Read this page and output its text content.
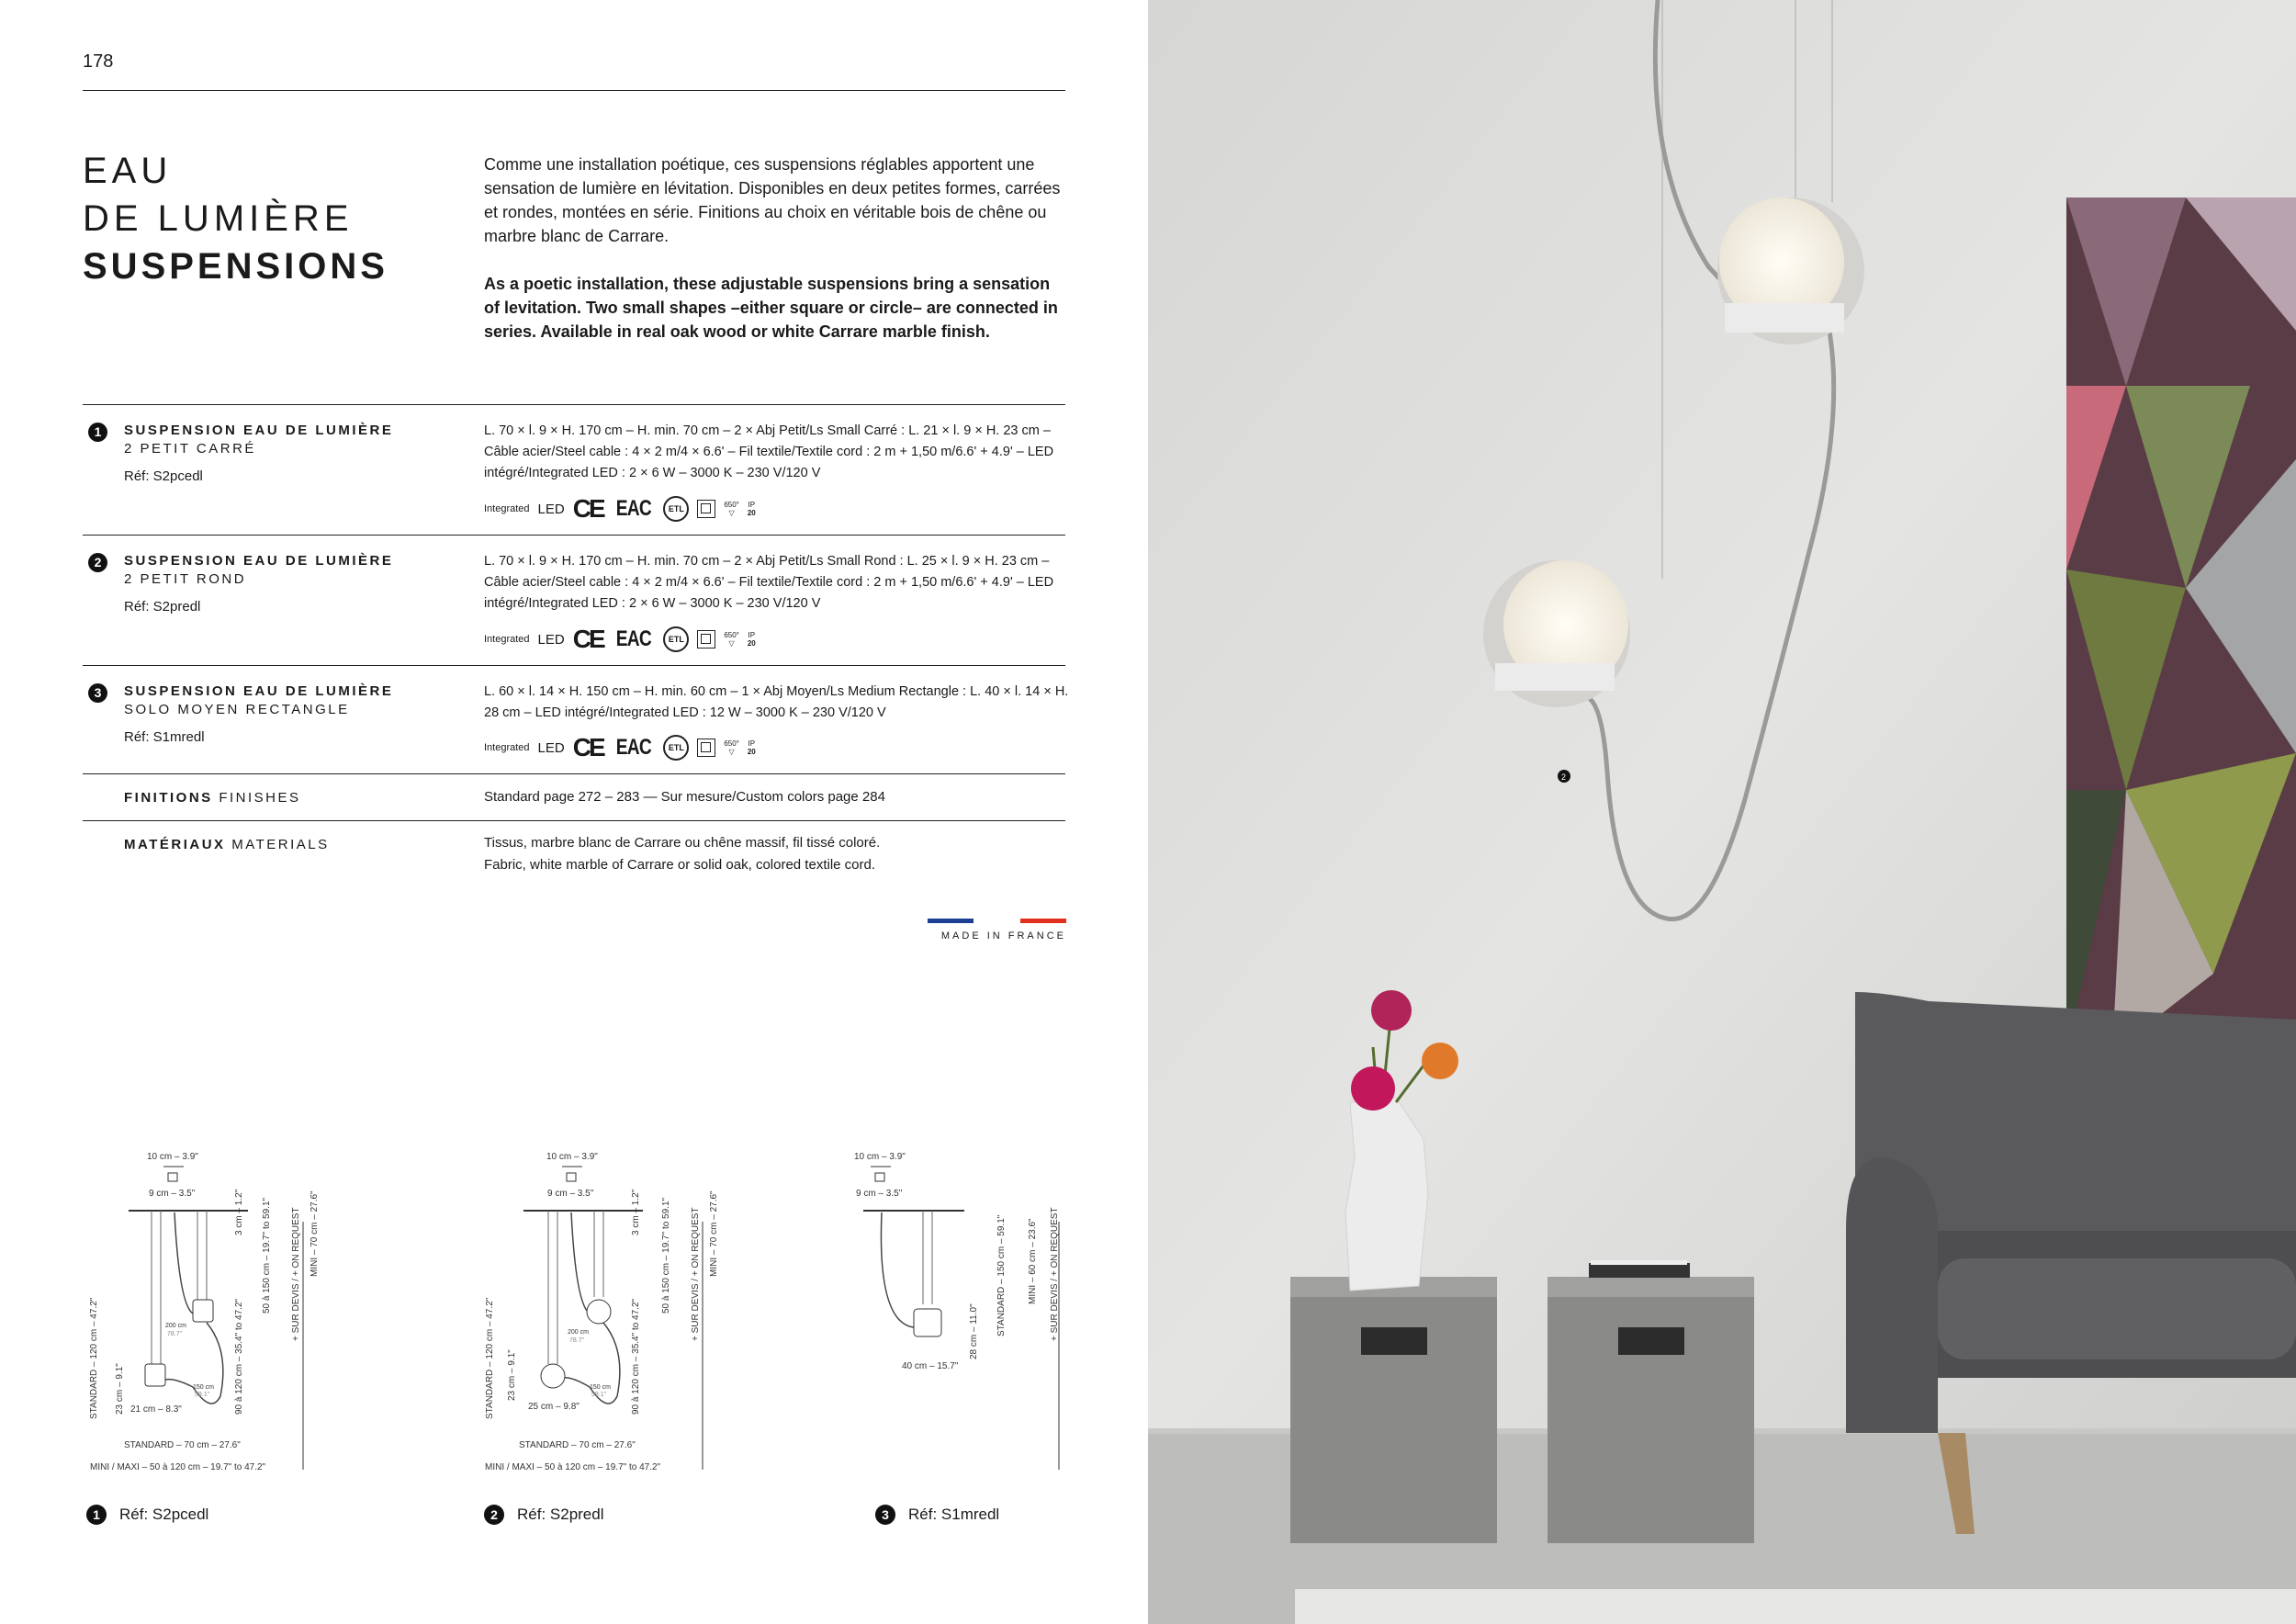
178
EAU
DE LUMIÈRE
SUSPENSIONS

Comme une installation poétique, ces suspensions réglables apportent une sensation de lumière en lévitation. Disponibles en deux petites formes, carrées et rondes, montées en série. Finitions au choix en véritable bois de chêne ou marbre blanc de Carrare.

As a poetic installation, these adjustable suspensions bring a sensation of levitation. Two small shapes –either square or circle– are connected in series. Available in real oak wood or white Carrare marble finish.

1	SUSPENSION EAU DE LUMIÈRE
2 PETIT CARRÉ
Réf: S2pcedl
L. 70 × l. 9 × H. 170 cm – H. min. 70 cm – 2 × Abj Petit/Ls Small Carré : L. 21 × l. 9 × H. 23 cm – Câble acier/Steel cable : 4 × 2 m/4 × 6.6' – Fil textile/Textile cord : 2 m + 1,50 m/6.6' + 4.9' – LED intégré/Integrated LED : 2 × 6 W – 3000 K – 230 V/120 V
Integrated LED CE EAC	ETL	650°
▽
IP
20
2	SUSPENSION EAU DE LUMIÈRE
2 PETIT ROND
Réf: S2predl
L. 70 × l. 9 × H. 170 cm – H. min. 70 cm – 2 × Abj Petit/Ls Small Rond : L. 25 × l. 9 × H. 23 cm – Câble acier/Steel cable : 4 × 2 m/4 × 6.6' – Fil textile/Textile cord : 2 m + 1,50 m/6.6' + 4.9' – LED intégré/Integrated LED : 2 × 6 W – 3000 K – 230 V/120 V
Integrated LED CE EAC	ETL	650°
▽
IP
20
3	SUSPENSION EAU DE LUMIÈRE
SOLO MOYEN RECTANGLE
Réf: S1mredl
L. 60 × l. 14 × H. 150 cm – H. min. 60 cm – 1 × Abj Moyen/Ls Medium Rectangle : L. 40 × l. 14 × H. 28 cm – LED intégré/Integrated LED : 12 W – 3000 K – 230 V/120 V
Integrated LED CE EAC	ETL	650°
▽
IP
20
FINITIONS FINISHES	Standard page 272 – 283 — Sur mesure/Custom colors page 284
MATÉRIAUX MATERIALS	Tissus, marbre blanc de Carrare ou chêne massif, fil tissé coloré.
Fabric, white marble of Carrare or solid oak, colored textile cord.
MADE IN FRANCE
10 cm – 3.9"
9 cm – 3.5"
200 cm
78.7"
150 cm
59.1"
21 cm – 8.3"
23 cm – 9.1"
STANDARD – 120 cm – 47.2"
3 cm – 1.2" 50 à 150 cm – 19.7" to 59.1"
90 à 120 cm – 35.4" to 47.2"
+ SUR DEVIS / + ON REQUEST MINI – 70 cm – 27.6"
STANDARD – 70 cm – 27.6"
MINI / MAXI – 50 à 120 cm – 19.7" to 47.2"
10 cm – 3.9"
9 cm – 3.5"
200 cm
78.7"
150 cm
59.1"
25 cm – 9.8"
23 cm – 9.1"
STANDARD – 120 cm – 47.2"
3 cm – 1.2" 50 à 150 cm – 19.7" to 59.1"
90 à 120 cm – 35.4" to 47.2"
+ SUR DEVIS / + ON REQUEST MINI – 70 cm – 27.6"
STANDARD – 70 cm – 27.6"
MINI / MAXI – 50 à 120 cm – 19.7" to 47.2"
10 cm – 3.9"
9 cm – 3.5"
40 cm – 15.7"
28 cm – 11.0" STANDARD – 150 cm – 59.1" MINI – 60 cm – 23.6" + SUR DEVIS / + ON REQUEST
1	Réf: S2pcedl	2	Réf: S2predl	3	Réf: S1mredl
2
